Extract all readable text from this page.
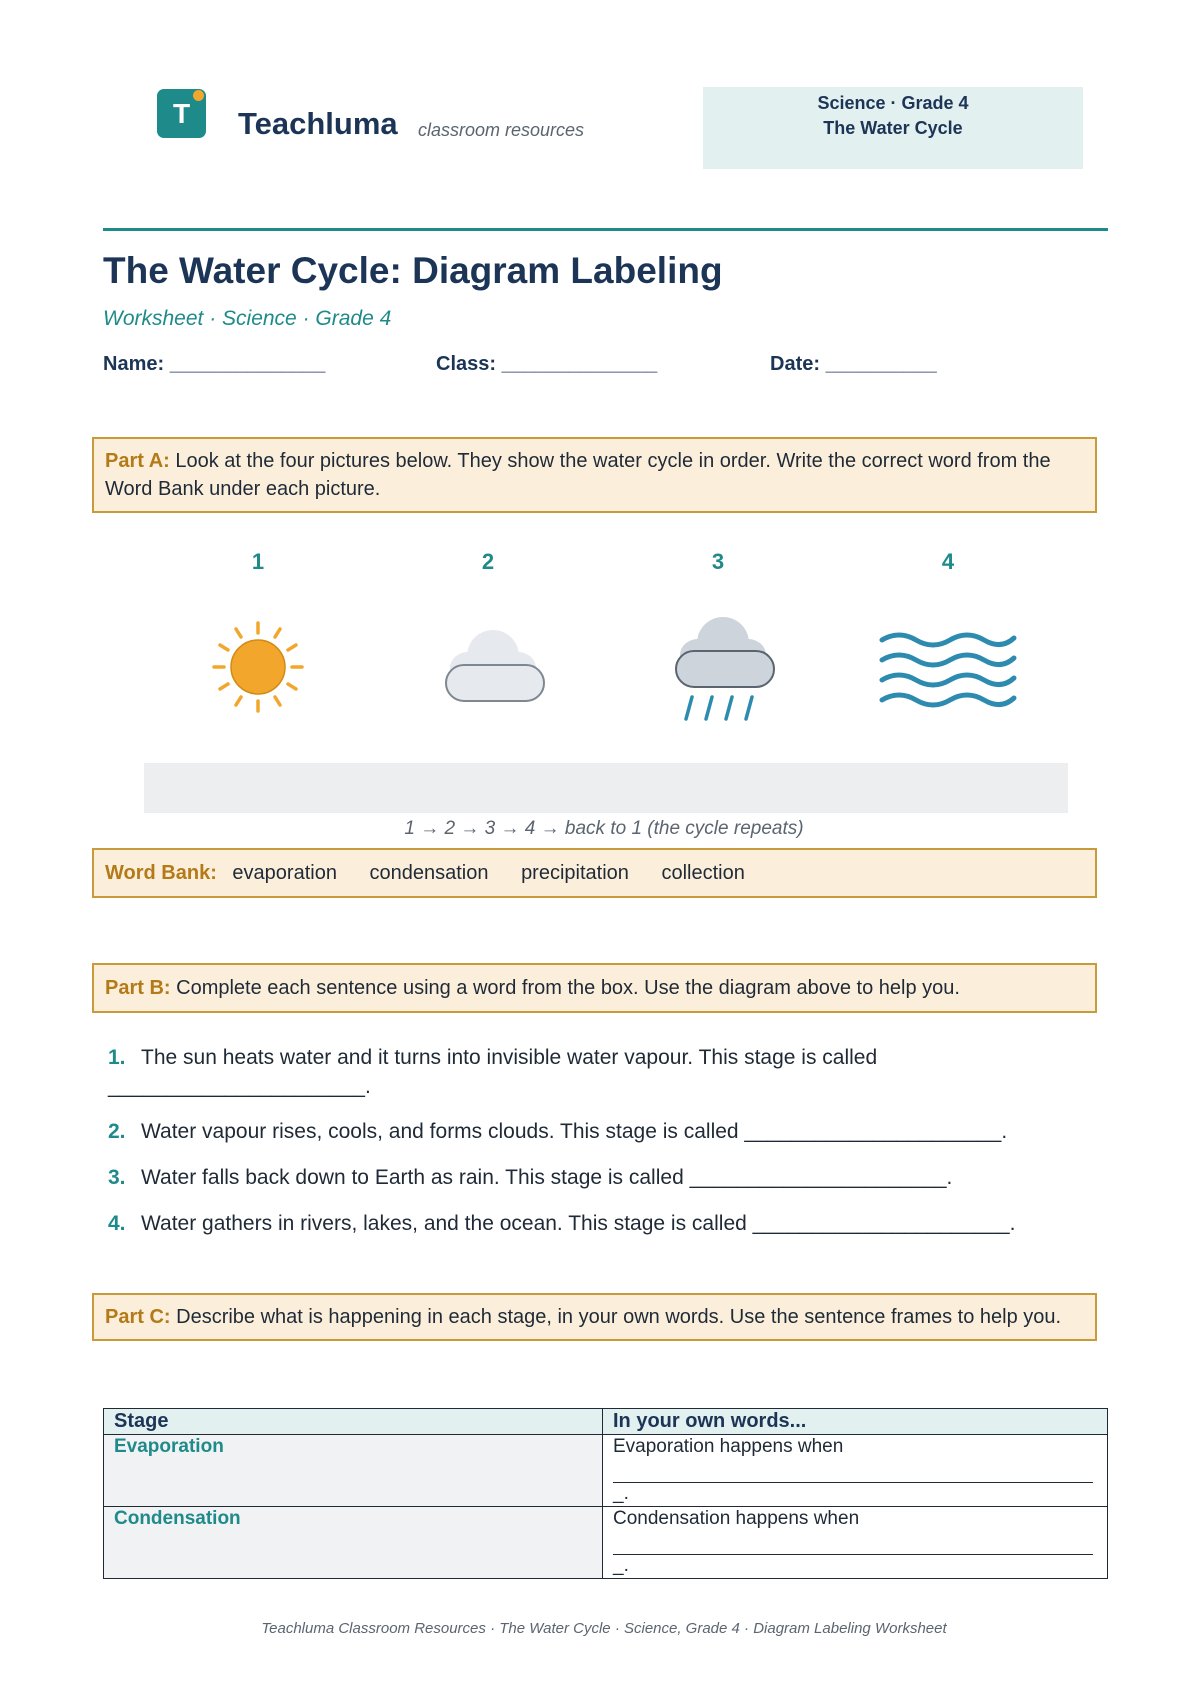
T Teachluma classroom resources
Science · Grade 4
The Water Cycle
The Water Cycle: Diagram Labeling
Worksheet · Science · Grade 4
Name: ______________	Class: ______________	Date: __________
Part A: Look at the four pictures below. They show the water cycle in order. Write the correct word from the Word Bank under each picture.
1	2	3	4
1 → 2 → 3 → 4 → back to 1 (the cycle repeats)
Word Bank: evaporation condensation precipitation collection
Part B: Complete each sentence using a word from the box. Use the diagram above to help you.
1. The sun heats water and it turns into invisible water vapour. This stage is called ______________________.
2. Water vapour rises, cools, and forms clouds. This stage is called ______________________.
3. Water falls back down to Earth as rain. This stage is called ______________________.
4. Water gathers in rivers, lakes, and the ocean. This stage is called ______________________.
Part C: Describe what is happening in each stage, in your own words. Use the sentence frames to help you.
Stage	In your own words...
Evaporation	Evaporation happens when
_.
Condensation	Condensation happens when
_.
Teachluma Classroom Resources · The Water Cycle · Science, Grade 4 · Diagram Labeling Worksheet
